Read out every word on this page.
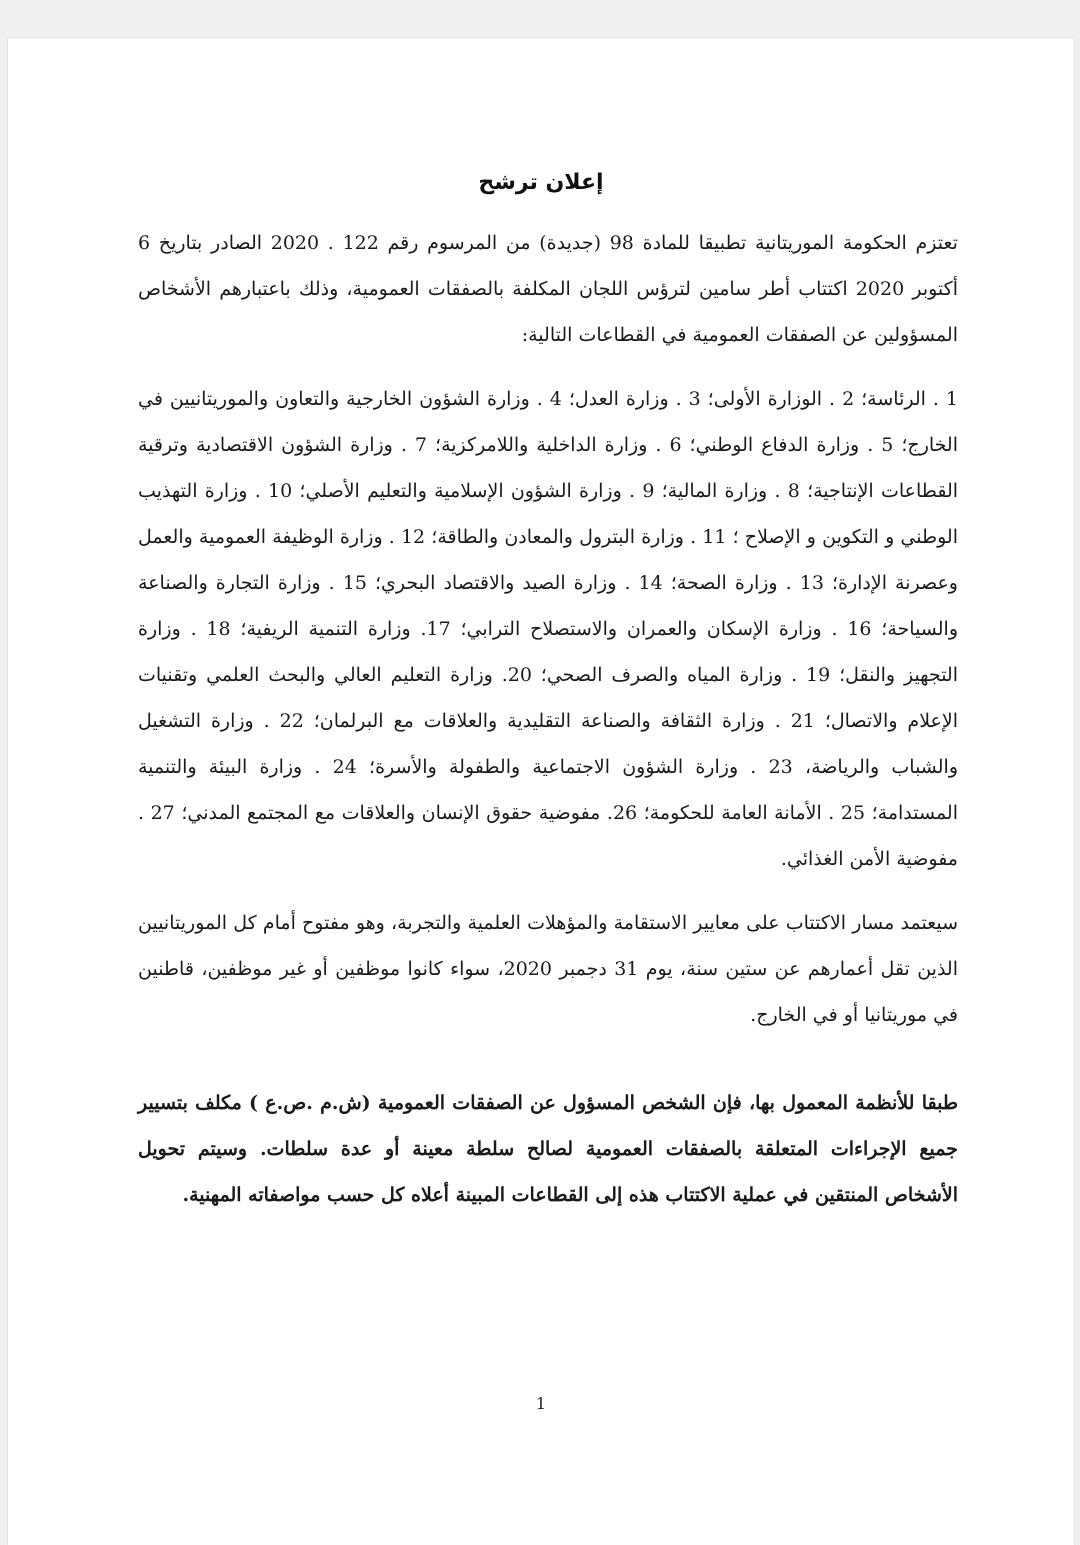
إعلان ترشح

تعتزم الحكومة الموريتانية تطبيقا للمادة 98 (جديدة) من المرسوم رقم 122 . 2020 الصادر بتاريخ 6 أكتوبر 2020 اكتتاب أطر سامين لترؤس اللجان المكلفة بالصفقات العمومية، وذلك باعتبارهم الأشخاص المسؤولين عن الصفقات العمومية في القطاعات التالية:

1 . الرئاسة؛ 2 . الوزارة الأولى؛ 3 . وزارة العدل؛ 4 . وزارة الشؤون الخارجية والتعاون والموريتانيين في الخارج؛ 5 . وزارة الدفاع الوطني؛ 6 . وزارة الداخلية واللامركزية؛ 7 . وزارة الشؤون الاقتصادية وترقية القطاعات الإنتاجية؛ 8 . وزارة المالية؛ 9 . وزارة الشؤون الإسلامية والتعليم الأصلي؛ 10 . وزارة التهذيب الوطني و التكوين و الإصلاح ؛ 11 . وزارة البترول والمعادن والطاقة؛ 12 . وزارة الوظيفة العمومية والعمل وعصرنة الإدارة؛ 13 . وزارة الصحة؛ 14 . وزارة الصيد والاقتصاد البحري؛ 15 . وزارة التجارة والصناعة والسياحة؛ 16 . وزارة الإسكان والعمران والاستصلاح الترابي؛ 17. وزارة التنمية الريفية؛ 18 . وزارة التجهيز والنقل؛ 19 . وزارة المياه والصرف الصحي؛ 20. وزارة التعليم العالي والبحث العلمي وتقنيات الإعلام والاتصال؛ 21 . وزارة الثقافة والصناعة التقليدية والعلاقات مع البرلمان؛ 22 . وزارة التشغيل والشباب والرياضة، 23 . وزارة الشؤون الاجتماعية والطفولة والأسرة؛ 24 . وزارة البيئة والتنمية المستدامة؛ 25 . الأمانة العامة للحكومة؛ 26. مفوضية حقوق الإنسان والعلاقات مع المجتمع المدني؛ 27 . مفوضية الأمن الغذائي.

سيعتمد مسار الاكتتاب على معايير الاستقامة والمؤهلات العلمية والتجربة، وهو مفتوح أمام كل الموريتانيين الذين تقل أعمارهم عن ستين سنة، يوم 31 دجمبر 2020، سواء كانوا موظفين أو غير موظفين، قاطنين في موريتانيا أو في الخارج.

طبقا للأنظمة المعمول بها، فإن الشخص المسؤول عن الصفقات العمومية (ش.م .ص.ع ) مكلف بتسيير جميع الإجراءات المتعلقة بالصفقات العمومية لصالح سلطة معينة أو عدة سلطات. وسيتم تحويل الأشخاص المنتقين في عملية الاكتتاب هذه إلى القطاعات المبينة أعلاه كل حسب مواصفاته المهنية.

1
